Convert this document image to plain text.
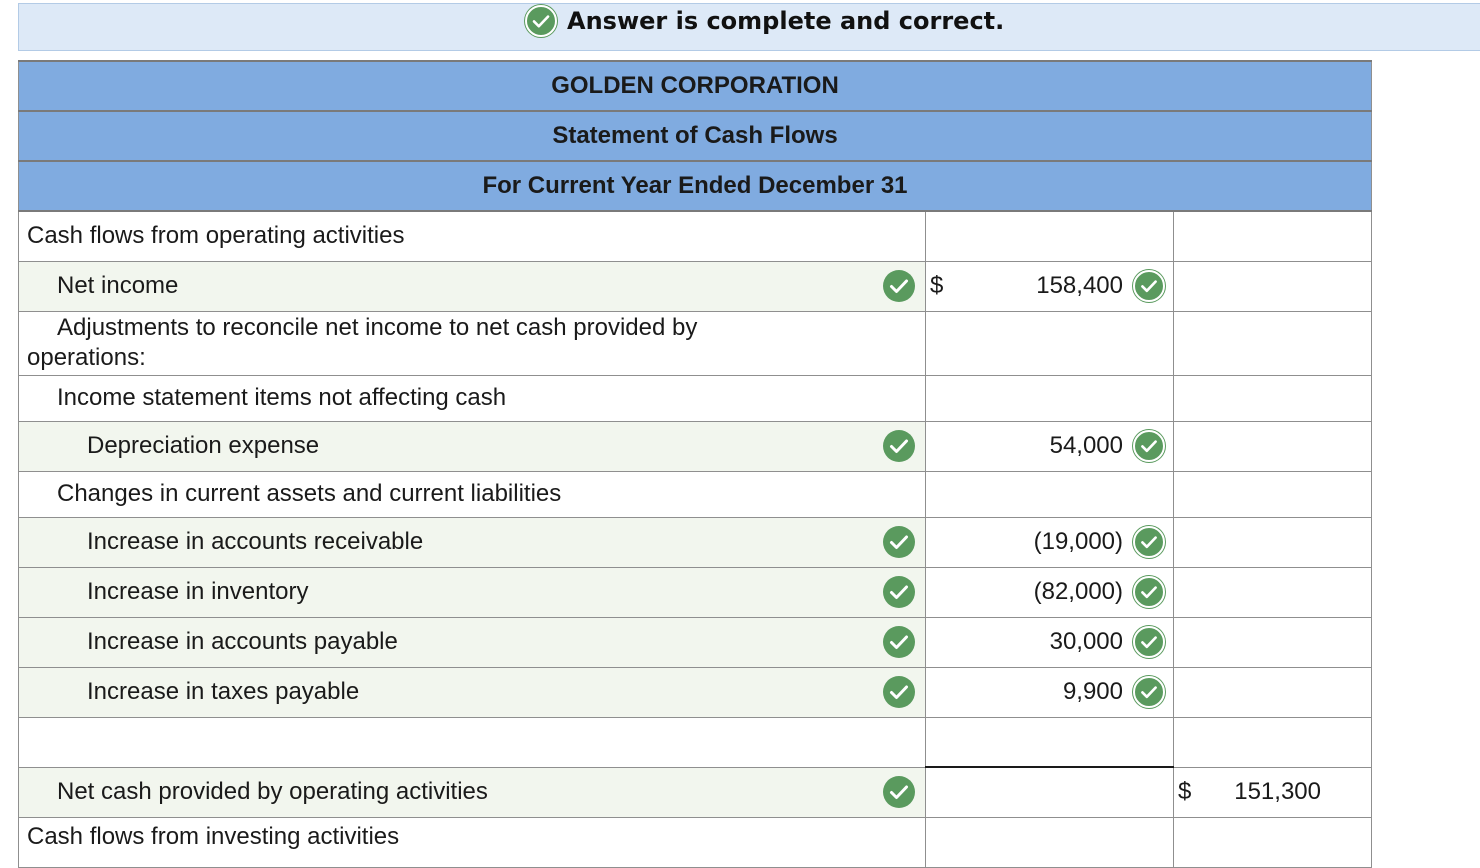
Answer is complete and correct.
GOLDEN CORPORATION		
Statement of Cash Flows		
For Current Year Ended December 31		

Cash flows from operating activities		

Net income	$ 158,400	

Adjustments to reconcile net income to net cash provided by operations:		

Income statement items not affecting cash		

Depreciation expense	54,000	

Changes in current assets and current liabilities		

Increase in accounts receivable	(19,000)	

Increase in inventory	(82,000)	

Increase in accounts payable	30,000	

Increase in taxes payable	9,900	

Net cash provided by operating activities		$ 151,300

Cash flows from investing activities		
